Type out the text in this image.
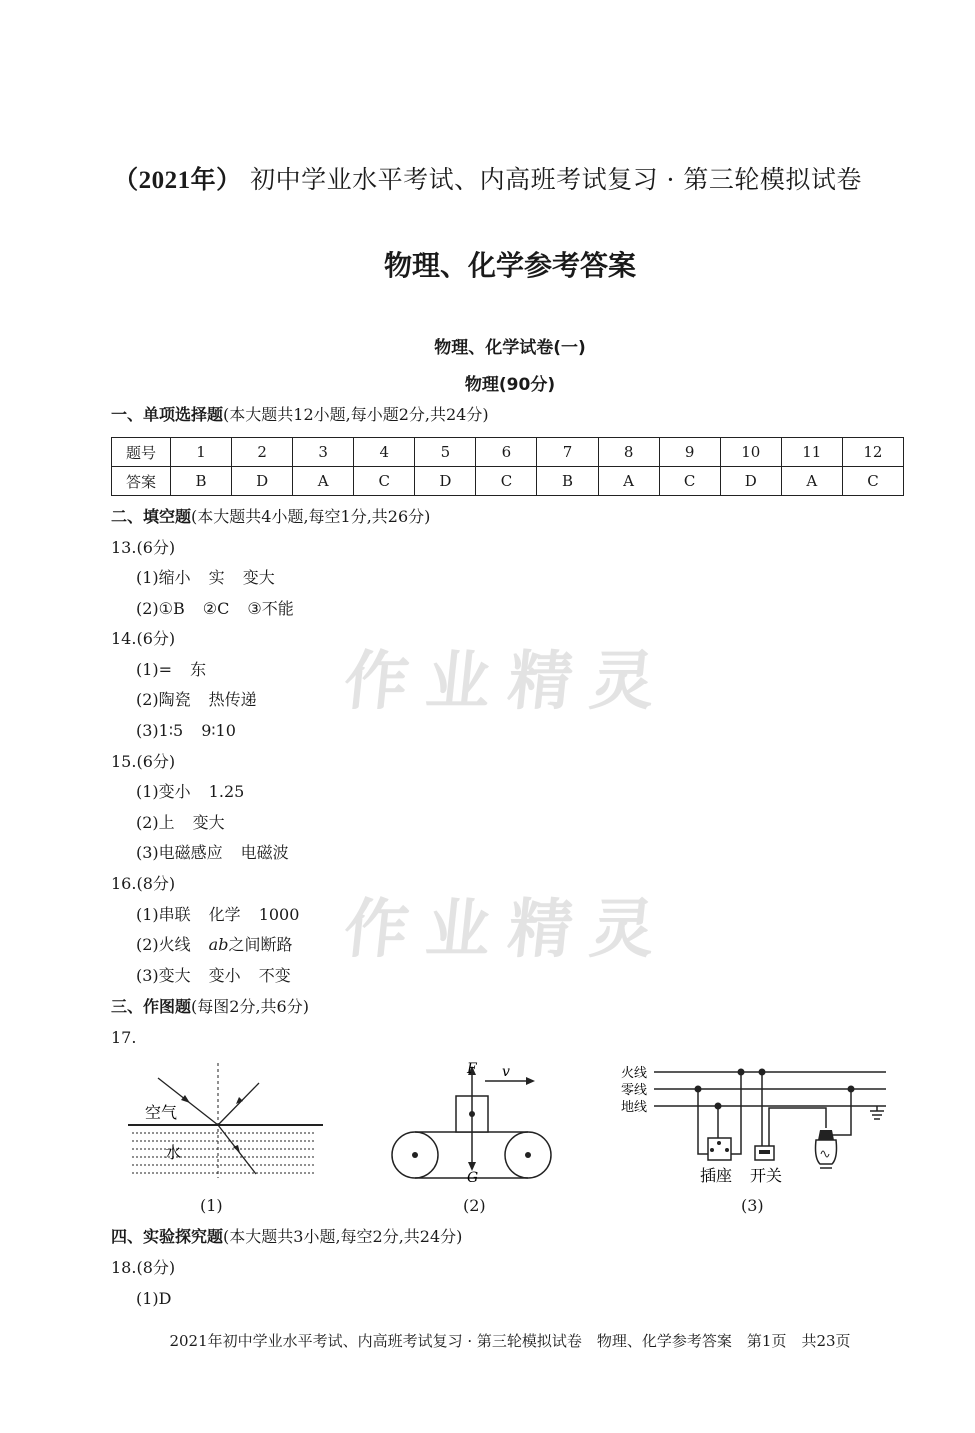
（2021年） 初中学业水平考试、内高班考试复习 · 第三轮模拟试卷
物理、化学参考答案
物理、化学试卷(一)
物理(90分)
一、单项选择题(本大题共12小题,每小题2分,共24分)
题号	1	2	3	4	5	6	7	8	9	10	11	12
答案	B	D	A	C	D	C	B	A	C	D	A	C
二、填空题(本大题共4小题,每空1分,共26分)
13.(6分)
(1)缩小 实 变大
(2)①B ②C ③不能
14.(6分)
(1)= 东
(2)陶瓷 热传递
(3)1∶5 9∶10
15.(6分)
(1)变小 1.25
(2)上 变大
(3)电磁感应 电磁波
16.(8分)
(1)串联 化学 1000
(2)火线 ab之间断路
(3)变大 变小 不变
作业精灵
作业精灵
三、作图题(每图2分,共6分)
17.
空气
水
(1)
F v
G
(2)
火线
零线
地线
插座 开关
(3)
四、实验探究题(本大题共3小题,每空2分,共24分)
18.(8分)
(1)D
2021年初中学业水平考试、内高班考试复习 · 第三轮模拟试卷　物理、化学参考答案　第1页　共23页
